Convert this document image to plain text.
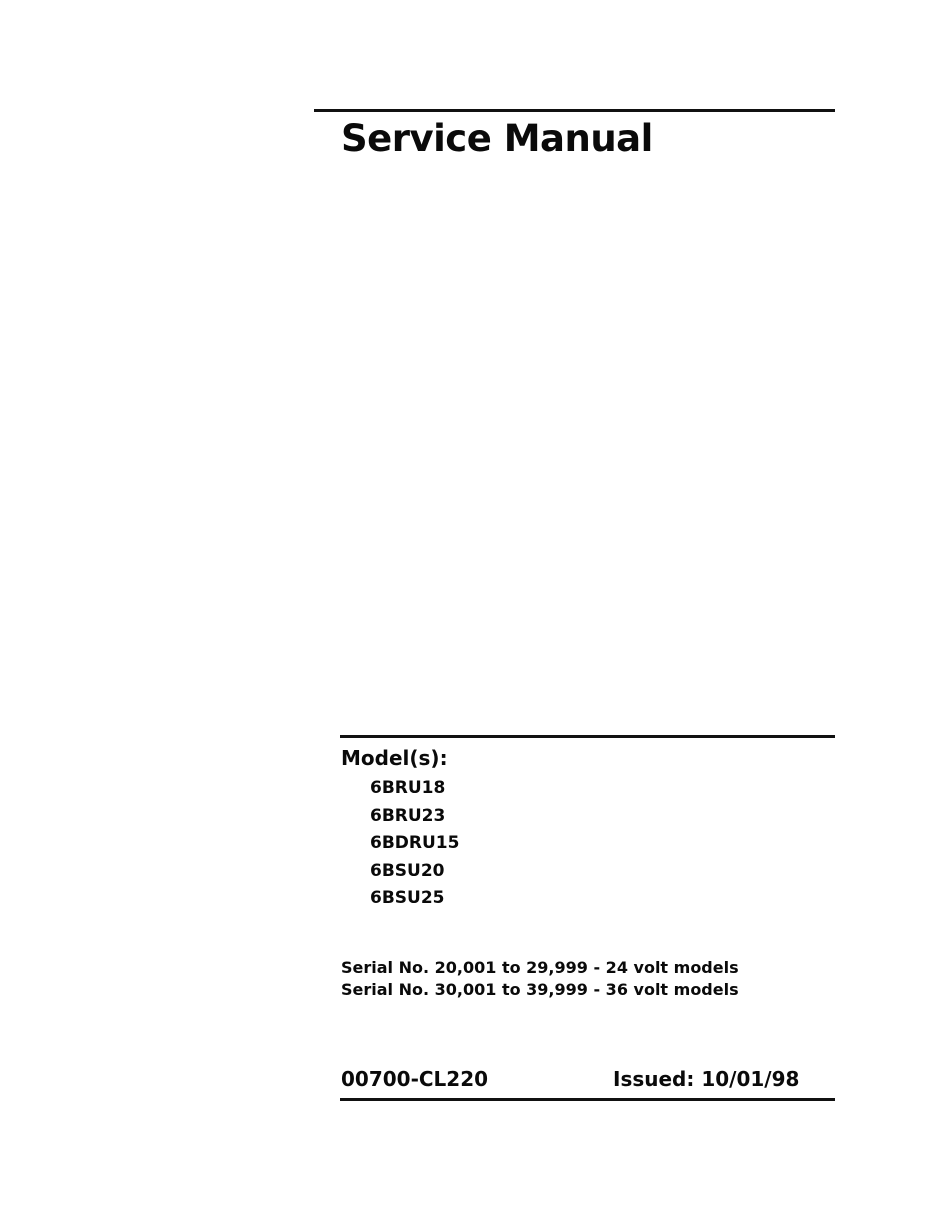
Service Manual
Model(s):
6BRU18
6BRU23
6BDRU15
6BSU20
6BSU25
Serial No. 20,001 to 29,999 - 24 volt models
Serial No. 30,001 to 39,999 - 36 volt models
00700-CL220	Issued: 10/01/98
